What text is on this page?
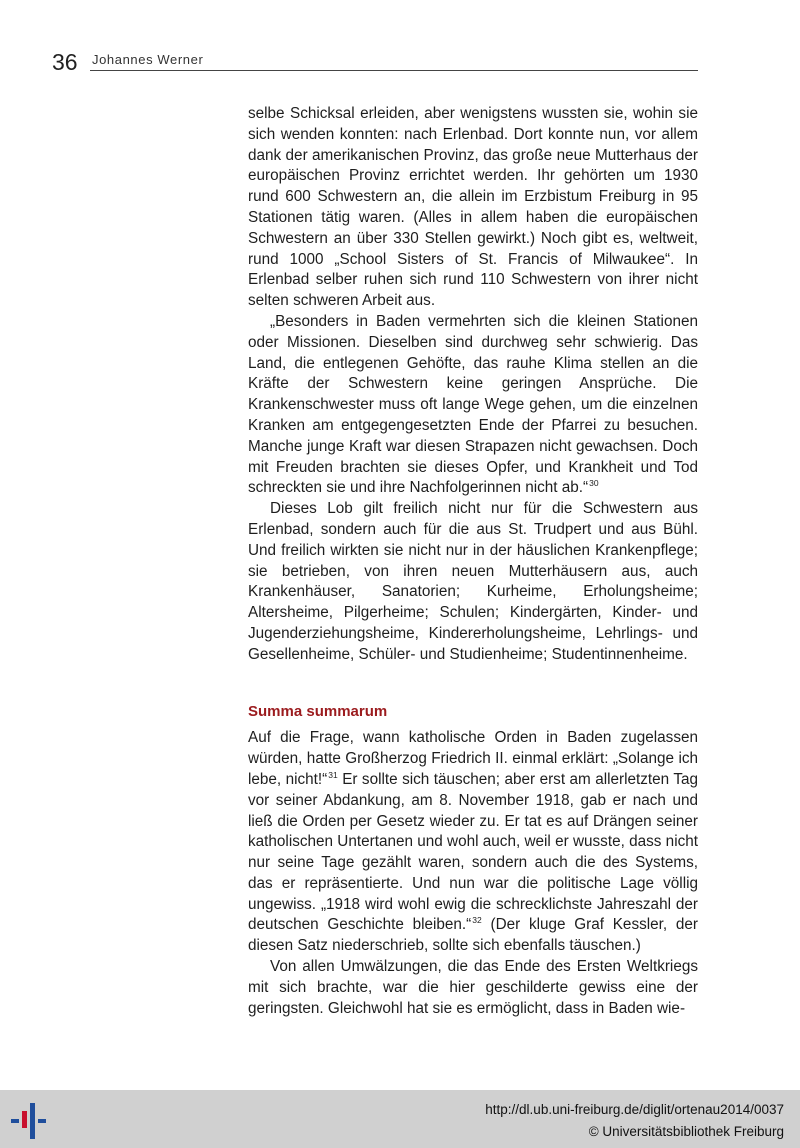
36 Johannes Werner

selbe Schicksal erleiden, aber wenigstens wussten sie, wohin sie sich wenden konnten: nach Erlenbad. Dort konnte nun, vor allem dank der amerikanischen Provinz, das große neue Mutterhaus der europäischen Provinz errichtet werden. Ihr gehörten um 1930 rund 600 Schwestern an, die allein im Erzbistum Freiburg in 95 Stationen tätig waren. (Alles in allem haben die europäischen Schwestern an über 330 Stellen gewirkt.) Noch gibt es, weltweit, rund 1000 „School Sisters of St. Francis of Milwaukee“. In Erlenbad selber ruhen sich rund 110 Schwestern von ihrer nicht selten schweren Arbeit aus.

„Besonders in Baden vermehrten sich die kleinen Stationen oder Missionen. Dieselben sind durchweg sehr schwierig. Das Land, die entlegenen Gehöfte, das rauhe Klima stellen an die Kräfte der Schwestern keine geringen Ansprüche. Die Krankenschwester muss oft lange Wege gehen, um die einzelnen Kranken am entgegengesetzten Ende der Pfarrei zu besuchen. Manche junge Kraft war diesen Strapazen nicht gewachsen. Doch mit Freuden brachten sie dieses Opfer, und Krankheit und Tod schreckten sie und ihre Nachfolgerinnen nicht ab.“$^{30}$

Dieses Lob gilt freilich nicht nur für die Schwestern aus Erlenbad, sondern auch für die aus St. Trudpert und aus Bühl. Und freilich wirkten sie nicht nur in der häuslichen Krankenpflege; sie betrieben, von ihren neuen Mutterhäusern aus, auch Krankenhäuser, Sanatorien; Kurheime, Erholungsheime; Altersheime, Pilgerheime; Schulen; Kindergärten, Kinder- und Jugenderziehungsheime, Kindererholungsheime, Lehrlings- und Gesellenheime, Schüler- und Studienheime; Studentinnenheime.

Summa summarum

Auf die Frage, wann katholische Orden in Baden zugelassen würden, hatte Großherzog Friedrich II. einmal erklärt: „Solange ich lebe, nicht!“$^{31}$ Er sollte sich täuschen; aber erst am allerletzten Tag vor seiner Abdankung, am 8. November 1918, gab er nach und ließ die Orden per Gesetz wieder zu. Er tat es auf Drängen seiner katholischen Untertanen und wohl auch, weil er wusste, dass nicht nur seine Tage gezählt waren, sondern auch die des Systems, das er repräsentierte. Und nun war die politische Lage völlig ungewiss. „1918 wird wohl ewig die schrecklichste Jahreszahl der deutschen Geschichte bleiben.“$^{32}$ (Der kluge Graf Kessler, der diesen Satz niederschrieb, sollte sich ebenfalls täuschen.)

Von allen Umwälzungen, die das Ende des Ersten Weltkriegs mit sich brachte, war die hier geschilderte gewiss eine der geringsten. Gleichwohl hat sie es ermöglicht, dass in Baden wie-

http://dl.ub.uni-freiburg.de/diglit/ortenau2014/0037
© Universitätsbibliothek Freiburg
